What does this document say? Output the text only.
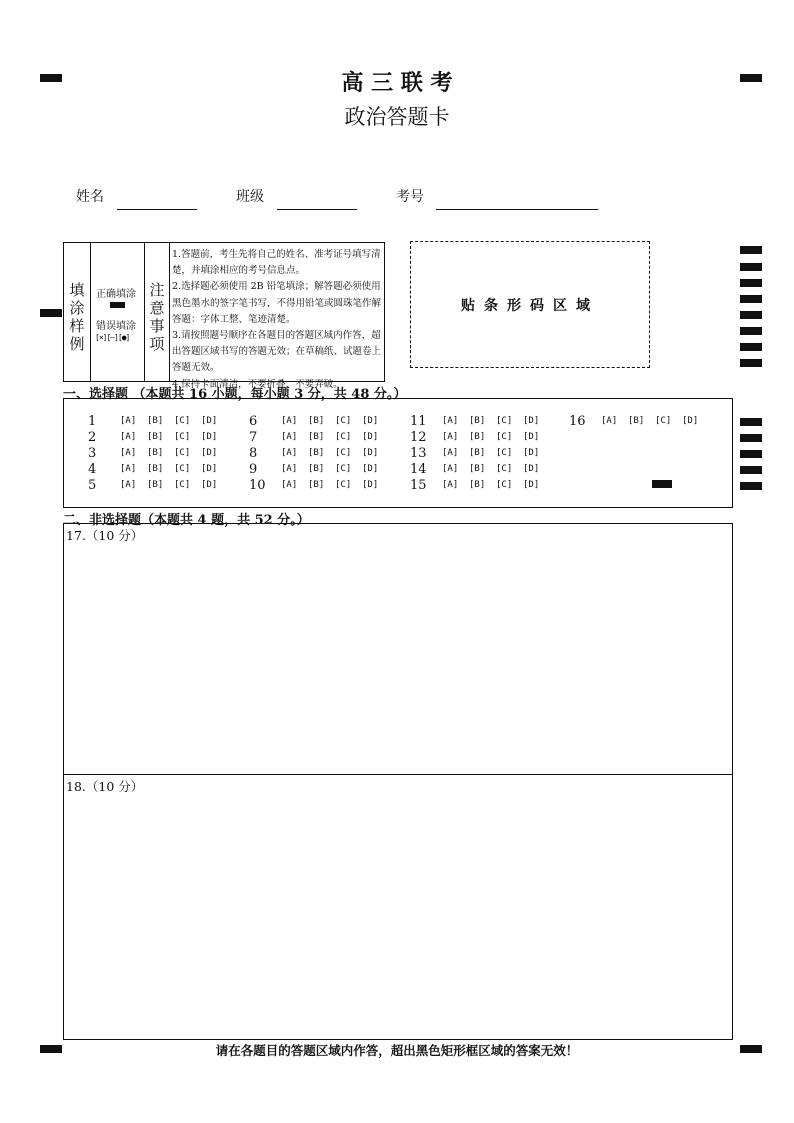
高 三 联 考
政治答题卡
姓名	班级	考号
填
涂
样
例
正确填涂
错误填涂
[×][—][●]
注
意
事
项
1.答题前，考生先将自己的姓名、准考证号填写清楚，并填涂相应的考号信息点。
2.选择题必须使用 2B 铅笔填涂；解答题必须使用黑色墨水的签字笔书写，不得用铅笔或圆珠笔作解答题：字体工整、笔迹清楚。
3.请按照题号顺序在各题目的答题区域内作答，超出答题区域书写的答题无效；在草稿纸、试题卷上答题无效。
4.保持卡面清洁，不要折叠、不要弄破。
贴条形码区域
一、选择题 （本题共 16 小题，每小题 3 分，共 48 分。）
1	[A] [B] [C] [D]
2	[A] [B] [C] [D]
3	[A] [B] [C] [D]
4	[A] [B] [C] [D]
5	[A] [B] [C] [D]
6	[A] [B] [C] [D]
7	[A] [B] [C] [D]
8	[A] [B] [C] [D]
9	[A] [B] [C] [D]
10	[A] [B] [C] [D]
11	[A] [B] [C] [D]
12	[A] [B] [C] [D]
13	[A] [B] [C] [D]
14	[A] [B] [C] [D]
15	[A] [B] [C] [D]
16	[A] [B] [C] [D]
二、非选择题（本题共 4 题，共 52 分。）
17.（10 分）
18.（10 分）
请在各题目的答题区域内作答，超出黑色矩形框区域的答案无效！
